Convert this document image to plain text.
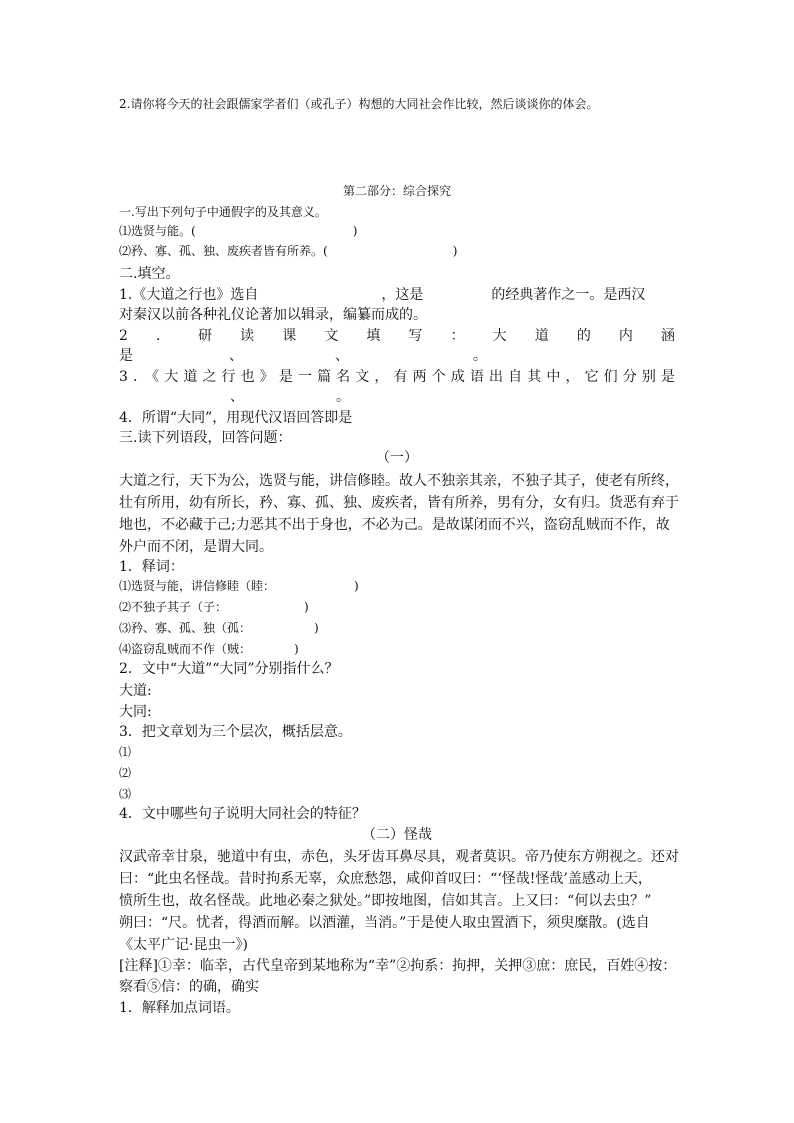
2.请你将今天的社会跟儒家学者们（或孔子）构想的大同社会作比较，然后谈谈你的体会。
第二部分：综合探究
一.写出下列句子中通假字的及其意义。
⑴选贤与能。(	)
⑵矜、寡、孤、独、废疾者皆有所养。(	)
二.填空。
1.《大道之行也》选自	，这是	的经典著作之一。是西汉
对秦汉以前各种礼仪论著加以辑录，编纂而成的。
2．研读课文填写：大道的内涵
是	、	、	。
3．《大道之行也》是一篇名文，有两个成语出自其中，它们分别是
、	。
4．所谓“大同”，用现代汉语回答即是
三.读下列语段，回答问题：
（一）
大道之行，天下为公，选贤与能，讲信修睦。故人不独亲其亲，不独子其子，使老有所终，
壮有所用，幼有所长，矜、寡、孤、独、废疾者，皆有所养，男有分，女有归。货恶有弃于
地也，不必藏于己;力恶其不出于身也，不必为己。是故谋闭而不兴，盗窃乱贼而不作，故
外户而不闭，是谓大同。
1．释词：
⑴选贤与能，讲信修睦（睦：	)
⑵不独子其子（子：	)
⑶矜、寡、孤、独（孤：	)
⑷盗窃乱贼而不作（贼：	)
2．文中“大道”“大同”分别指什么？
大道:
大同:
3．把文章划为三个层次，概括层意。
⑴
⑵
⑶
4．文中哪些句子说明大同社会的特征？
（二）怪哉
汉武帝幸甘泉，驰道中有虫，赤色，头牙齿耳鼻尽具，观者莫识。帝乃使东方朔视之。还对
曰：“此虫名怪哉。昔时拘系无辜，众庶愁怨，咸仰首叹曰：“‘怪哉!怪哉’盖感动上天，
愤所生也，故名怪哉。此地必秦之狱处。”即按地图，信如其言。上又曰：“何以去虫？”
朔曰：“尺。忧者，得酒而解。以酒灌，当消。”于是使人取虫置酒下，须臾糜散。(选自
《太平广记·昆虫一》)
[注释]①幸：临幸，古代皇帝到某地称为“幸”②拘系：拘押，关押③庶：庶民，百姓④按：
察看⑤信：的确，确实
1．解释加点词语。
